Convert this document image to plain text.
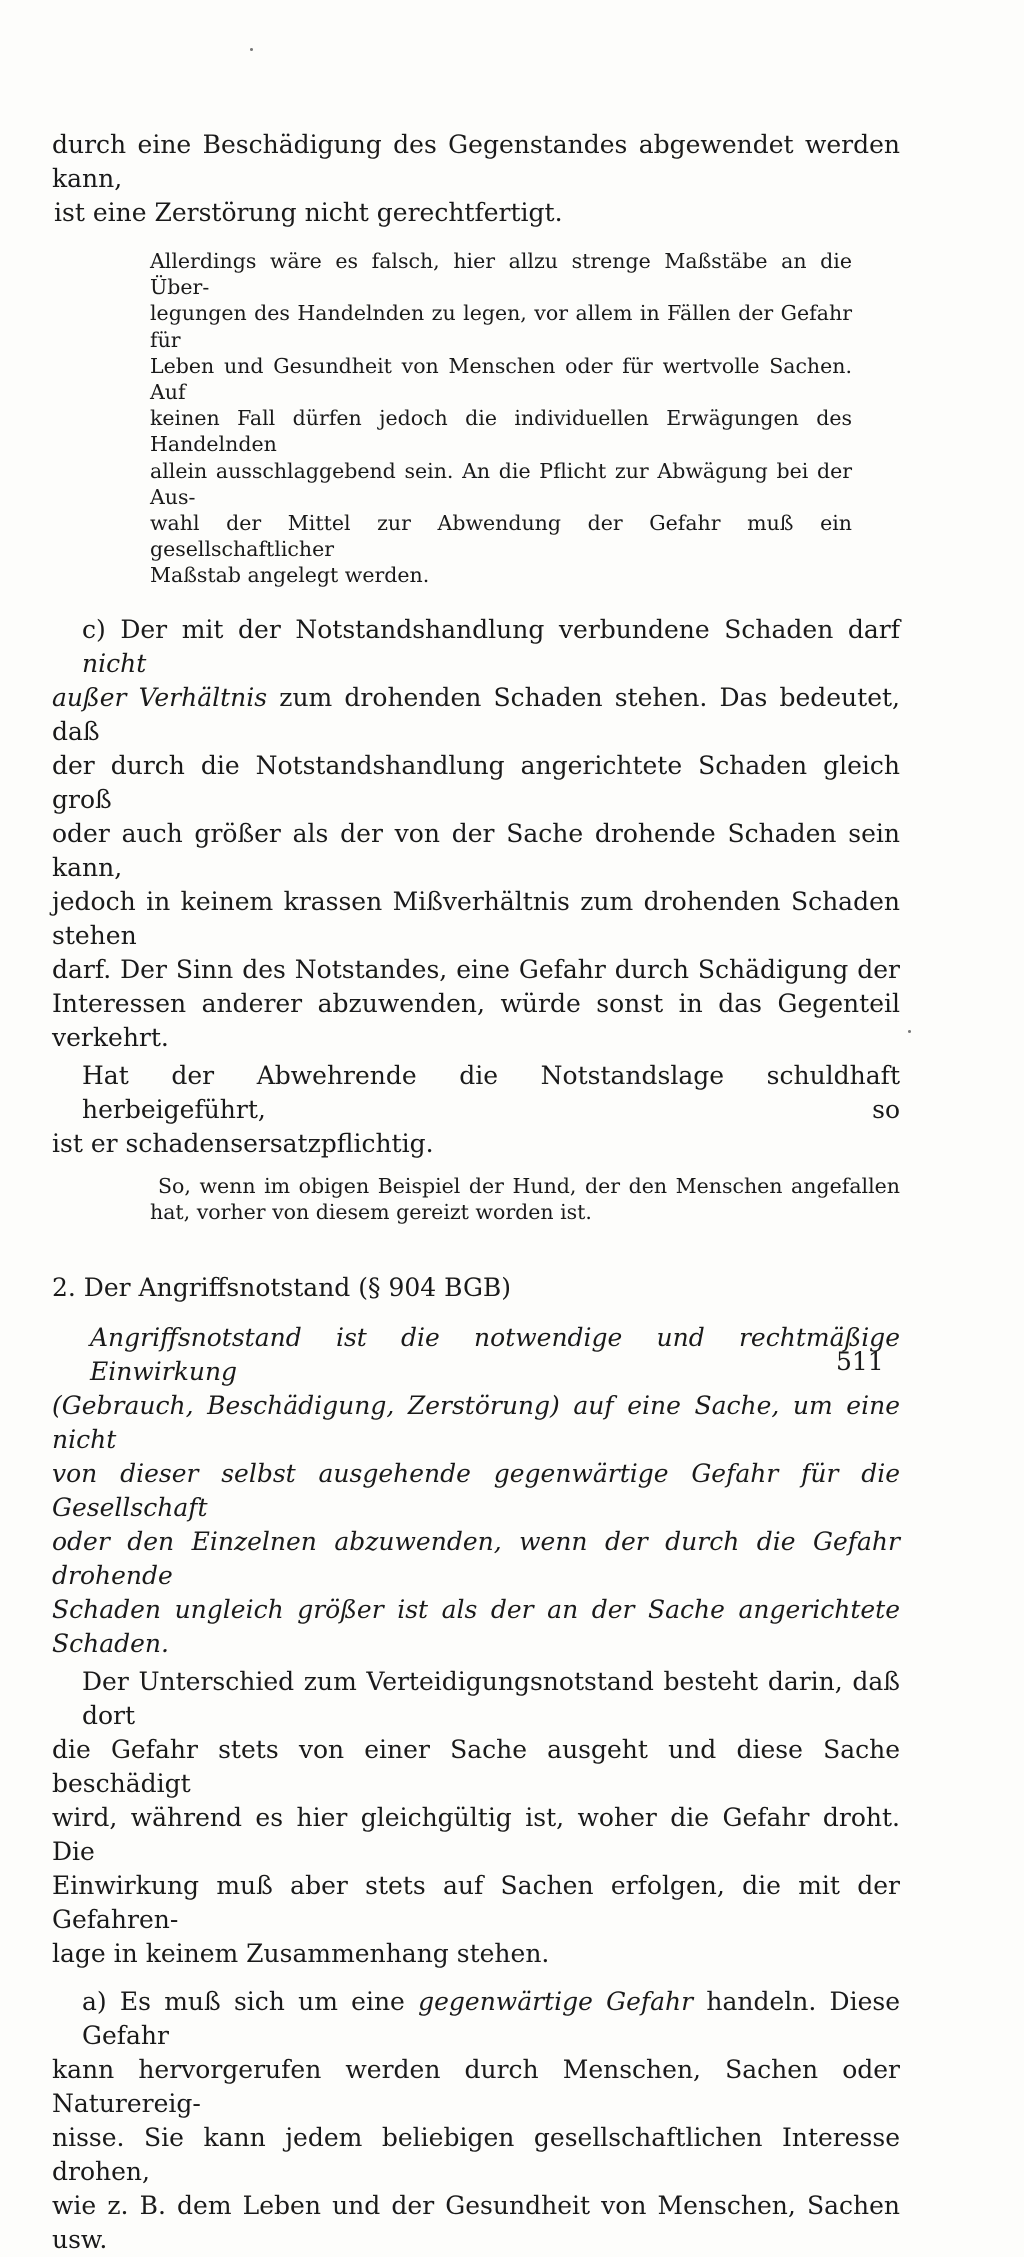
durch eine Beschädigung des Gegenstandes abgewendet werden kann,
ist eine Zerstörung nicht gerechtfertigt.

Allerdings wäre es falsch, hier allzu strenge Maßstäbe an die Über-
legungen des Handelnden zu legen, vor allem in Fällen der Gefahr für
Leben und Gesundheit von Menschen oder für wertvolle Sachen. Auf
keinen Fall dürfen jedoch die individuellen Erwägungen des Handelnden
allein ausschlaggebend sein. An die Pflicht zur Abwägung bei der Aus-
wahl der Mittel zur Abwendung der Gefahr muß ein gesellschaftlicher
Maßstab angelegt werden.
c) Der mit der Notstandshandlung verbundene Schaden darf nicht
außer Verhältnis zum drohenden Schaden stehen. Das bedeutet, daß
der durch die Notstandshandlung angerichtete Schaden gleich groß
oder auch größer als der von der Sache drohende Schaden sein kann,
jedoch in keinem krassen Mißverhältnis zum drohenden Schaden stehen
darf. Der Sinn des Notstandes, eine Gefahr durch Schädigung der
Interessen anderer abzuwenden, würde sonst in das Gegenteil verkehrt.
Hat der Abwehrende die Notstandslage schuldhaft herbeigeführt, so
ist er schadensersatzpflichtig.
So, wenn im obigen Beispiel der Hund, der den Menschen angefallen
hat, vorher von diesem gereizt worden ist.

2. Der Angriffsnotstand (§ 904 BGB)

Angriffsnotstand ist die notwendige und rechtmäßige Einwirkung
(Gebrauch, Beschädigung, Zerstörung) auf eine Sache, um eine nicht
von dieser selbst ausgehende gegenwärtige Gefahr für die Gesellschaft
oder den Einzelnen abzuwenden, wenn der durch die Gefahr drohende
Schaden ungleich größer ist als der an der Sache angerichtete Schaden.
Der Unterschied zum Verteidigungsnotstand besteht darin, daß dort
die Gefahr stets von einer Sache ausgeht und diese Sache beschädigt
wird, während es hier gleichgültig ist, woher die Gefahr droht. Die
Einwirkung muß aber stets auf Sachen erfolgen, die mit der Gefahren-
lage in keinem Zusammenhang stehen.
a) Es muß sich um eine gegenwärtige Gefahr handeln. Diese Gefahr
kann hervorgerufen werden durch Menschen, Sachen oder Naturereig-
nisse. Sie kann jedem beliebigen gesellschaftlichen Interesse drohen,
wie z. B. dem Leben und der Gesundheit von Menschen, Sachen usw.
511
